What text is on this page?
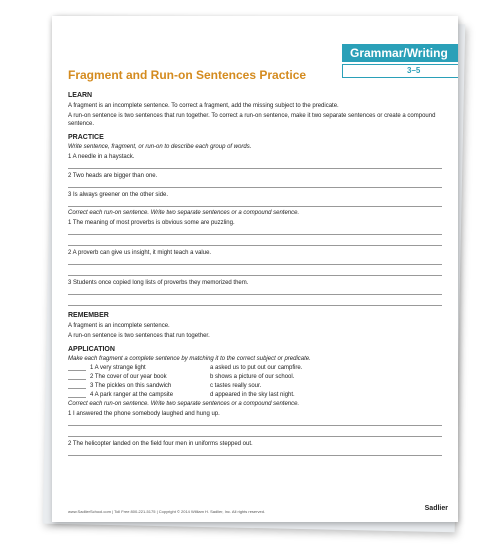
Grammar/Writing
3–5
Fragment and Run-on Sentences Practice
LEARN
A fragment is an incomplete sentence. To correct a fragment, add the missing subject to the predicate.
A run-on sentence is two sentences that run together. To correct a run-on sentence, make it two separate sentences or create a compound sentence.
PRACTICE
Write sentence, fragment, or run-on to describe each group of words.
1 A needle in a haystack.
2 Two heads are bigger than one.
3 Is always greener on the other side.
Correct each run-on sentence. Write two separate sentences or a compound sentence.
1 The meaning of most proverbs is obvious some are puzzling.
2 A proverb can give us insight, it might teach a value.
3 Students once copied long lists of proverbs they memorized them.
REMEMBER
A fragment is an incomplete sentence.
A run-on sentence is two sentences that run together.
APPLICATION
Make each fragment a complete sentence by matching it to the correct subject or predicate.
1 A very strange light	a asked us to put out our campfire.
2 The cover of our year book	b shows a picture of our school.
3 The pickles on this sandwich	c tastes really sour.
4 A park ranger at the campsite	d appeared in the sky last night.
Correct each run-on sentence. Write two separate sentences or a compound sentence.
1 I answered the phone somebody laughed and hung up.
2 The helicopter landed on the field four men in uniforms stepped out.
www.SadlierSchool.com | Toll Free 800-221-5175 | Copyright © 2014 William H. Sadlier, Inc. All rights reserved.	Sadlier
